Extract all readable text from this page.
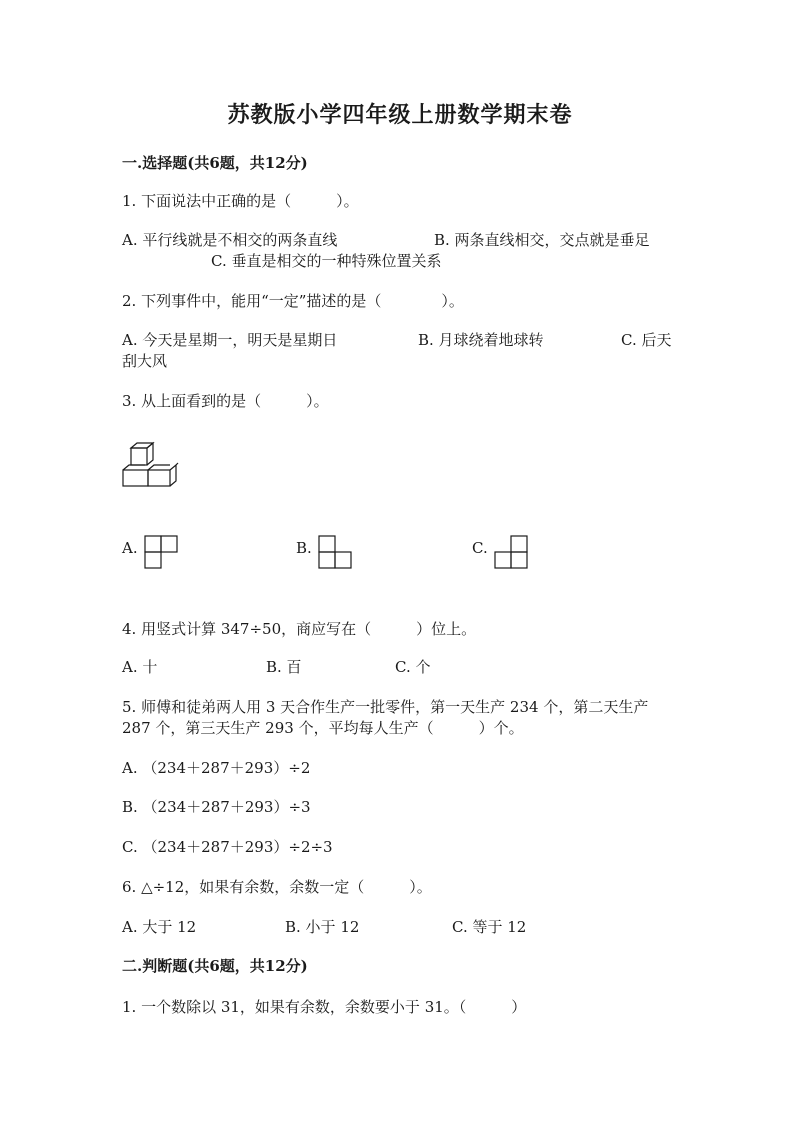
苏教版小学四年级上册数学期末卷
一.选择题(共6题，共12分)
1. 下面说法中正确的是（　　　）。
A. 平行线就是不相交的两条直线	B. 两条直线相交，交点就是垂足
C. 垂直是相交的一种特殊位置关系
2. 下列事件中，能用“一定”描述的是（　　　　）。
A. 今天是星期一，明天是星期日	B. 月球绕着地球转	C. 后天
刮大风
3. 从上面看到的是（　　　）。
A.	B.	C.
4. 用竖式计算 347÷50，商应写在（　　　）位上。
A. 十	B. 百	C. 个
5. 师傅和徒弟两人用 3 天合作生产一批零件，第一天生产 234 个，第二天生产
287 个，第三天生产 293 个，平均每人生产（　　　）个。
A. （234＋287＋293）÷2
B. （234＋287＋293）÷3
C. （234＋287＋293）÷2÷3
6. △÷12，如果有余数，余数一定（　　　）。
A. 大于 12	B. 小于 12	C. 等于 12
二.判断题(共6题，共12分)
1. 一个数除以 31，如果有余数，余数要小于 31。（　　　）
